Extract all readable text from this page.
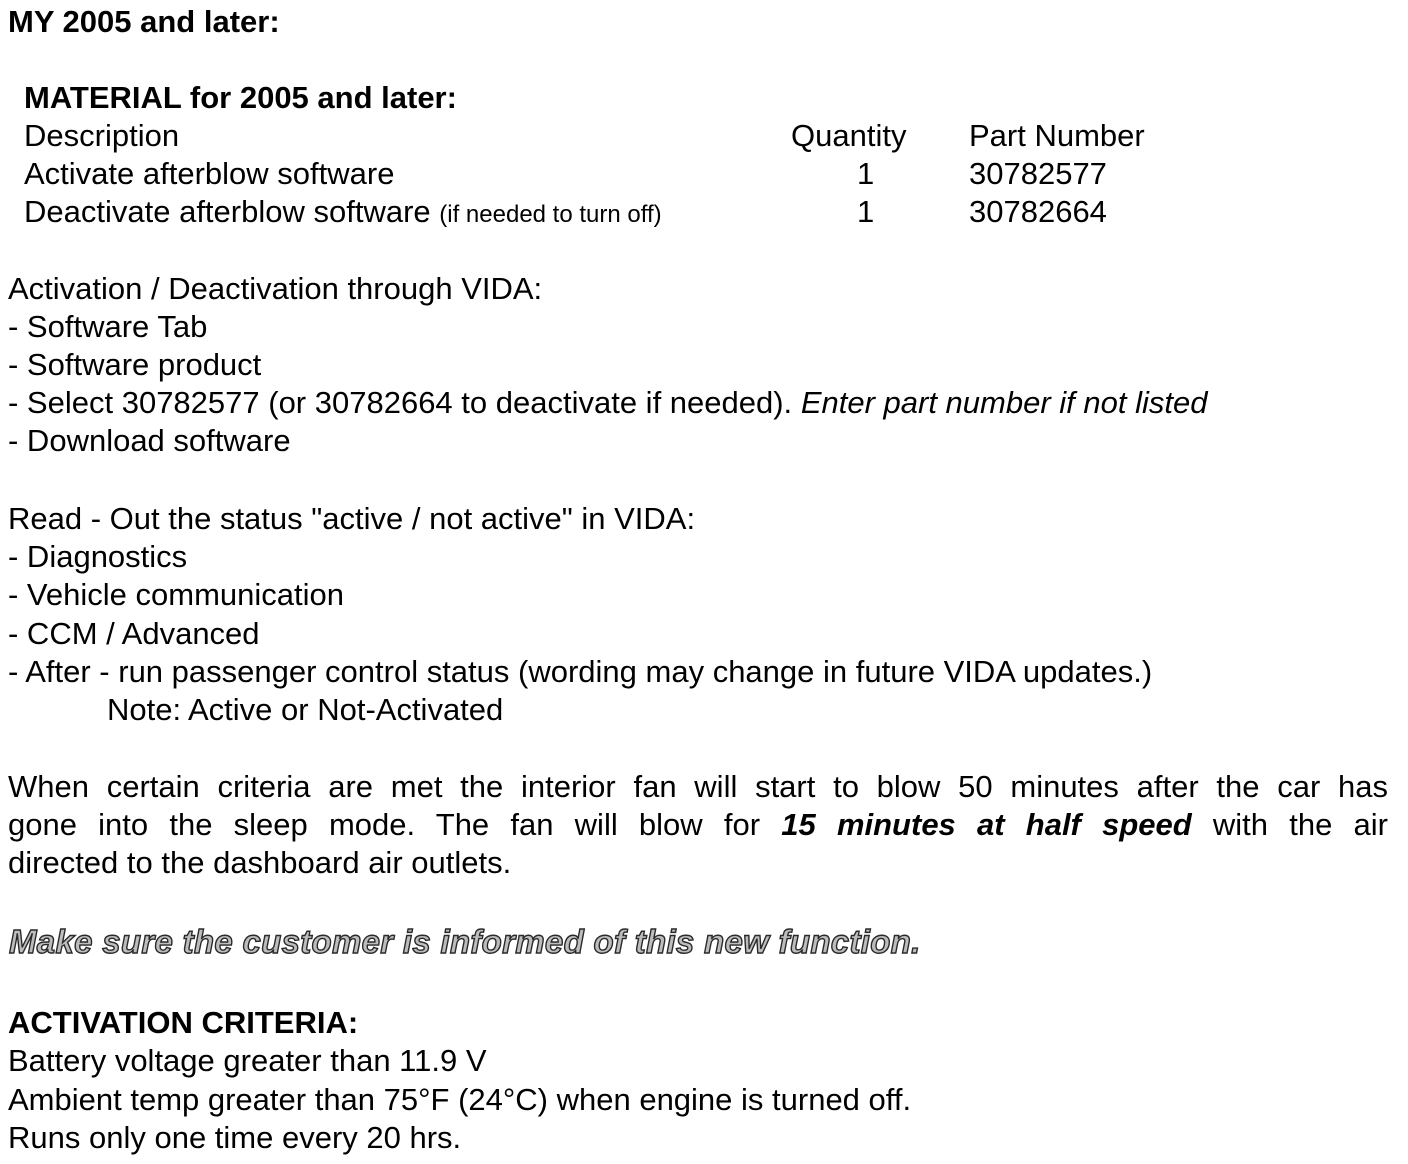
MY 2005 and later:
MATERIAL for 2005 and later:
Description	Quantity Part Number
Activate afterblow software	1	30782577
Deactivate afterblow software (if needed to turn off)	1	30782664
Activation / Deactivation through VIDA:
- Software Tab
- Software product
- Select 30782577 (or 30782664 to deactivate if needed). Enter part number if not listed
- Download software
Read - Out the status "active / not active" in VIDA:
- Diagnostics
- Vehicle communication
- CCM / Advanced
- After - run passenger control status (wording may change in future VIDA updates.)
Note: Active or Not-Activated
When certain criteria are met the interior fan will start to blow 50 minutes after the car has
gone into the sleep mode. The fan will blow for 15 minutes at half speed with the air
directed to the dashboard air outlets.
Make sure the customer is informed of this new function.
ACTIVATION CRITERIA:
Battery voltage greater than 11.9 V
Ambient temp greater than 75°F (24°C) when engine is turned off.
Runs only one time every 20 hrs.
